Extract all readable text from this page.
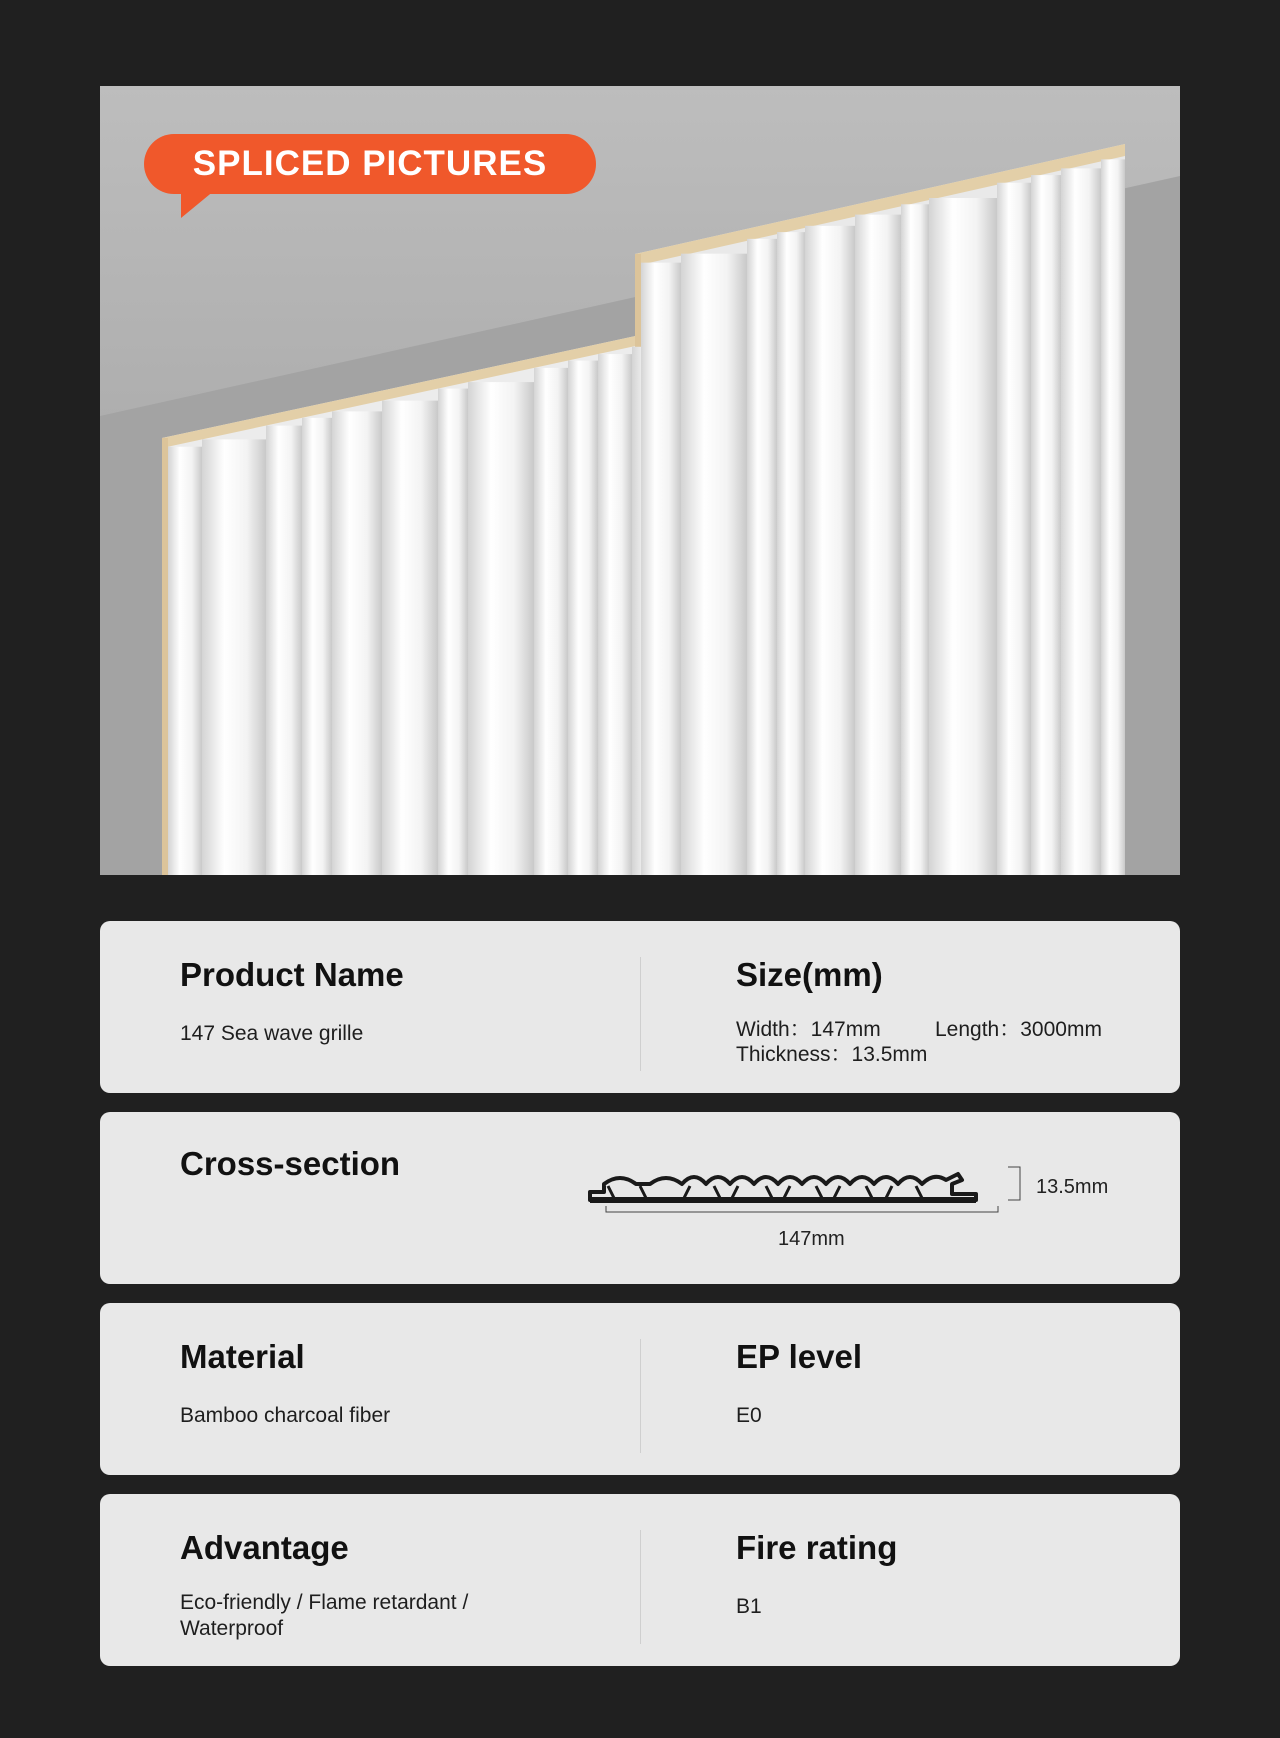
SPLICED PICTURES
Product Name
147 Sea wave grille
Size(mm)
Width：147mm	Length：3000mm
Thickness：13.5mm
Cross-section
13.5mm
147mm
Material
Bamboo charcoal fiber
EP level
E0
Advantage
Eco-friendly / Flame retardant /
Waterproof
Fire rating
B1
